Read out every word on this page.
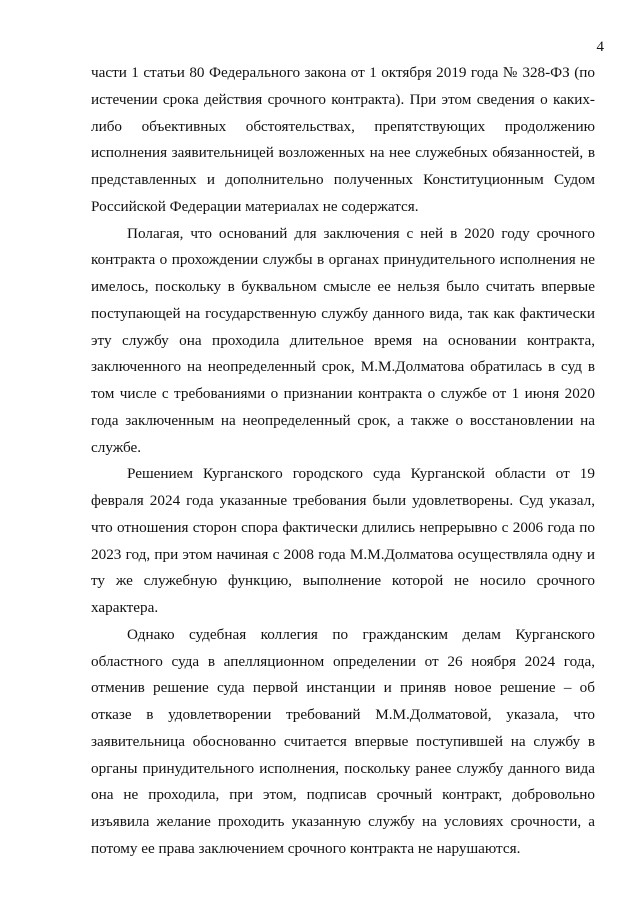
4

части 1 статьи 80 Федерального закона от 1 октября 2019 года № 328-ФЗ (по истечении срока действия срочного контракта). При этом сведения о каких-либо объективных обстоятельствах, препятствующих продолжению исполнения заявительницей возложенных на нее служебных обязанностей, в представленных и дополнительно полученных Конституционным Судом Российской Федерации материалах не содержатся.

Полагая, что оснований для заключения с ней в 2020 году срочного контракта о прохождении службы в органах принудительного исполнения не имелось, поскольку в буквальном смысле ее нельзя было считать впервые поступающей на государственную службу данного вида, так как фактически эту службу она проходила длительное время на основании контракта, заключенного на неопределенный срок, М.М.Долматова обратилась в суд в том числе с требованиями о признании контракта о службе от 1 июня 2020 года заключенным на неопределенный срок, а также о восстановлении на службе.

Решением Курганского городского суда Курганской области от 19 февраля 2024 года указанные требования были удовлетворены. Суд указал, что отношения сторон спора фактически длились непрерывно с 2006 года по 2023 год, при этом начиная с 2008 года М.М.Долматова осуществляла одну и ту же служебную функцию, выполнение которой не носило срочного характера.

Однако судебная коллегия по гражданским делам Курганского областного суда в апелляционном определении от 26 ноября 2024 года, отменив решение суда первой инстанции и приняв новое решение – об отказе в удовлетворении требований М.М.Долматовой, указала, что заявительница обоснованно считается впервые поступившей на службу в органы принудительного исполнения, поскольку ранее службу данного вида она не проходила, при этом, подписав срочный контракт, добровольно изъявила желание проходить указанную службу на условиях срочности, а потому ее права заключением срочного контракта не нарушаются.
